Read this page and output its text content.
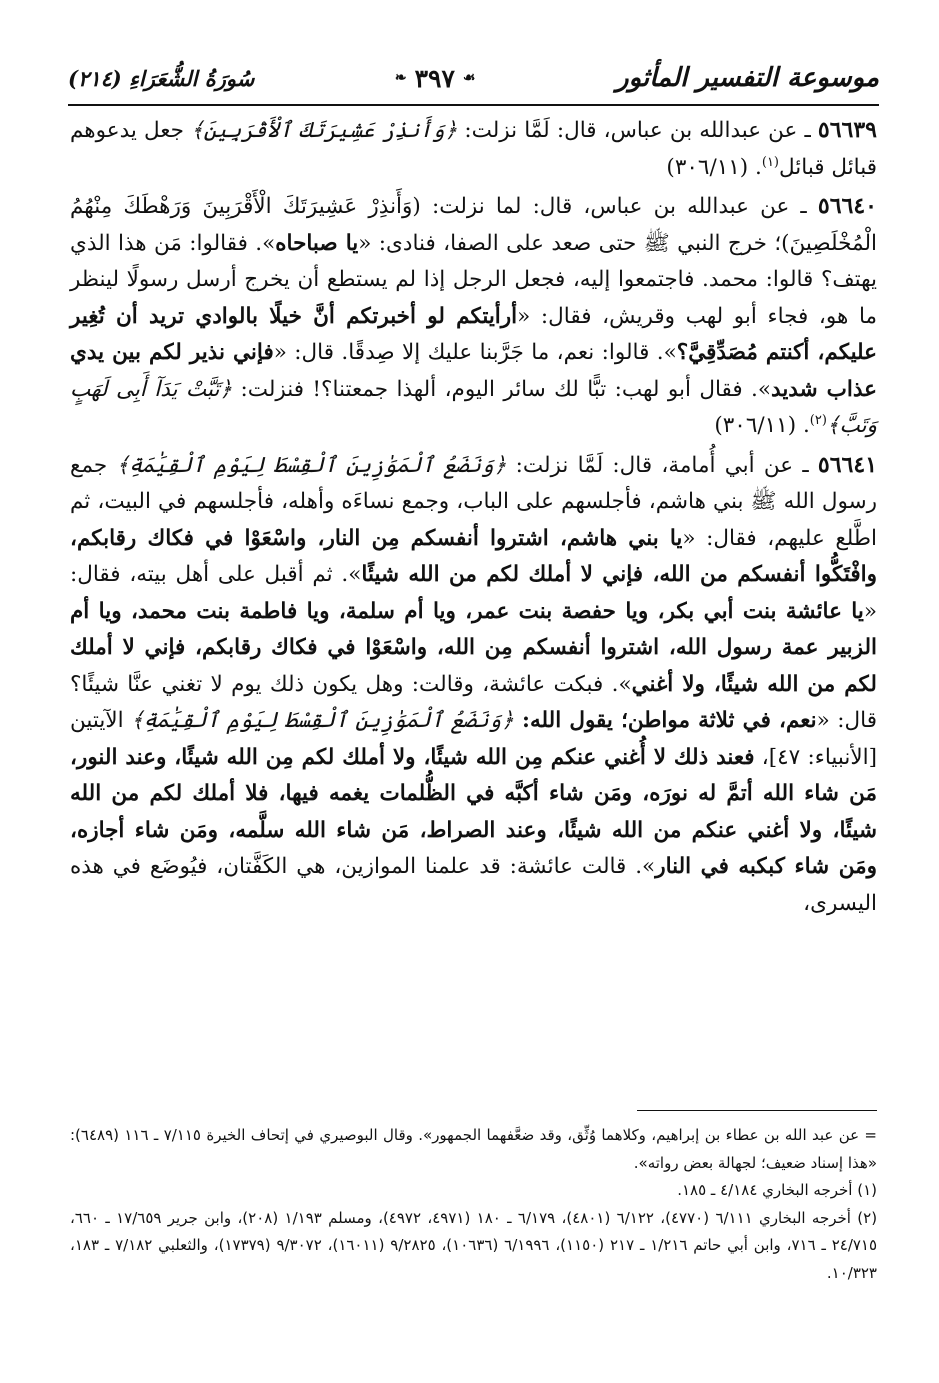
موسوعة التفسير المأثور
☙
٣٩٧
❧
سُورَةُ الشُّعَرَاءِ (٢١٤)

٥٦٦٣٩ ـ عن عبدالله بن عباس، قال: لَمَّا نزلت: ﴿وَأَنذِرْ عَشِيرَتَكَ ٱلْأَقْرَبِينَ﴾ جعل يدعوهم قبائل قبائل$^{(١)}$. (٣٠٦/١١)

٥٦٦٤٠ ـ عن عبدالله بن عباس، قال: لما نزلت: (وَأَنذِرْ عَشِيرَتَكَ الْأَقْرَبِينَ وَرَهْطَكَ مِنْهُمُ الْمُخْلَصِينَ)؛ خرج النبي ﷺ حتى صعد على الصفا، فنادى: «يا صباحاه». فقالوا: مَن هذا الذي يهتف؟ قالوا: محمد. فاجتمعوا إليه، فجعل الرجل إذا لم يستطع أن يخرج أرسل رسولًا لينظر ما هو، فجاء أبو لهب وقريش، فقال: «أرأيتكم لو أخبرتكم أنَّ خيلًا بالوادي تريد أن تُغِير عليكم، أكنتم مُصَدِّقِيَّ؟». قالوا: نعم، ما جَرَّبنا عليك إلا صِدقًا. قال: «فإني نذير لكم بين يدي عذاب شديد». فقال أبو لهب: تبًّا لك سائر اليوم، ألهذا جمعتنا؟! فنزلت: ﴿تَبَّتْ يَدَآ أَبِى لَهَبٍ وَتَبَّ﴾$^{(٢)}$. (٣٠٦/١١)

٥٦٦٤١ ـ عن أبي أُمامة، قال: لَمَّا نزلت: ﴿وَنَضَعُ ٱلْمَوَٰزِينَ ٱلْقِسْطَ لِيَوْمِ ٱلْقِيَٰمَةِ﴾ جمع رسول الله ﷺ بني هاشم، فأجلسهم على الباب، وجمع نساءَه وأهله، فأجلسهم في البيت، ثم اطَّلع عليهم، فقال: «يا بني هاشم، اشتروا أنفسكم مِن النار، واسْعَوْا في فكاك رقابكم، وافْتَكُّوا أنفسكم من الله، فإني لا أملك لكم من الله شيئًا». ثم أقبل على أهل بيته، فقال: «يا عائشة بنت أبي بكر، ويا حفصة بنت عمر، ويا أم سلمة، ويا فاطمة بنت محمد، ويا أم الزبير عمة رسول الله، اشتروا أنفسكم مِن الله، واسْعَوْا في فكاك رقابكم، فإني لا أملك لكم من الله شيئًا، ولا أغني». فبكت عائشة، وقالت: وهل يكون ذلك يوم لا تغني عنَّا شيئًا؟ قال: «نعم، في ثلاثة مواطن؛ يقول الله: ﴿وَنَضَعُ ٱلْمَوَٰزِينَ ٱلْقِسْطَ لِيَوْمِ ٱلْقِيَٰمَةِ﴾ الآيتين [الأنبياء: ٤٧]، فعند ذلك لا أُغني عنكم مِن الله شيئًا، ولا أملك لكم مِن الله شيئًا، وعند النور، مَن شاء الله أتمَّ له نورَه، ومَن شاء أكبَّه في الظُّلمات يغمه فيها، فلا أملك لكم من الله شيئًا، ولا أغني عنكم من الله شيئًا، وعند الصراط، مَن شاء الله سلَّمه، ومَن شاء أجازه، ومَن شاء كبكبه في النار». قالت عائشة: قد علمنا الموازين، هي الكَفَّتان، فيُوضَع في هذه اليسرى،

= عن عبد الله بن عطاء بن إبراهيم، وكلاهما وُثِّق، وقد ضعَّفهما الجمهور». وقال البوصيري في إتحاف الخيرة ٧/١١٥ ـ ١١٦ (٦٤٨٩): «هذا إسناد ضعيف؛ لجهالة بعض رواته».

(١) أخرجه البخاري ٤/١٨٤ ـ ١٨٥.

(٢) أخرجه البخاري ٦/١١١ (٤٧٧٠)، ٦/١٢٢ (٤٨٠١)، ٦/١٧٩ ـ ١٨٠ (٤٩٧١، ٤٩٧٢)، ومسلم ١/١٩٣ (٢٠٨)، وابن جرير ١٧/٦٥٩ ـ ٦٦٠، ٢٤/٧١٥ ـ ٧١٦، وابن أبي حاتم ١/٢١٦ ـ ٢١٧ (١١٥٠)، ٦/١٩٩٦ (١٠٦٣٦)، ٩/٢٨٢٥ (١٦٠١١)، ٩/٣٠٧٢ (١٧٣٧٩)، والثعلبي ٧/١٨٢ ـ ١٨٣، ١٠/٣٢٣.
